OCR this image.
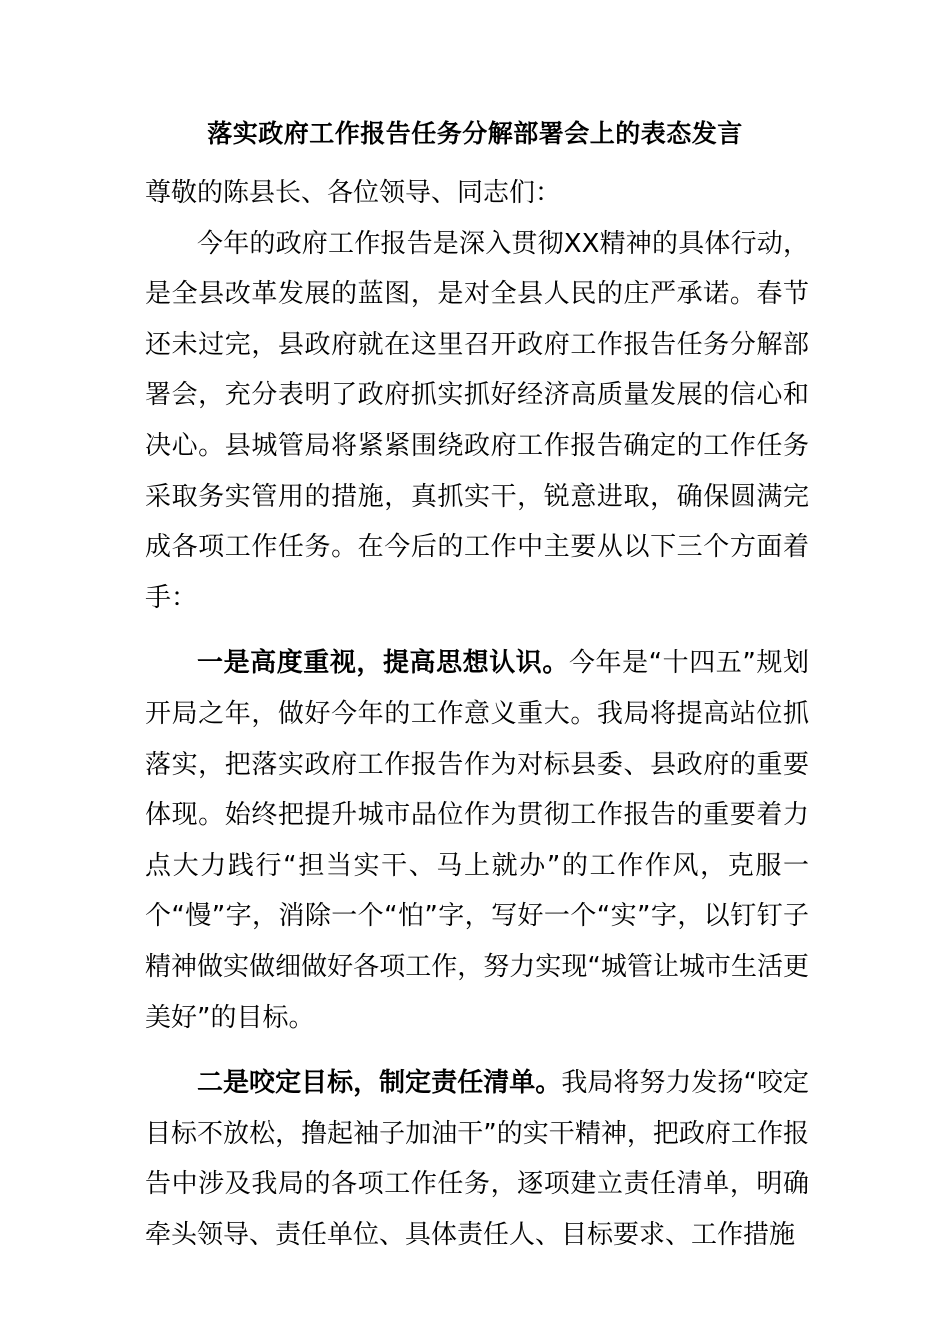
落实政府工作报告任务分解部署会上的表态发言

尊敬的陈县长、各位领导、同志们：

今年的政府工作报告是深入贯彻XX精神的具体行动，是全县改革发展的蓝图，是对全县人民的庄严承诺。春节还未过完，县政府就在这里召开政府工作报告任务分解部署会，充分表明了政府抓实抓好经济高质量发展的信心和决心。县城管局将紧紧围绕政府工作报告确定的工作任务采取务实管用的措施，真抓实干，锐意进取，确保圆满完成各项工作任务。在今后的工作中主要从以下三个方面着手：

一是高度重视，提高思想认识。今年是“十四五”规划开局之年，做好今年的工作意义重大。我局将提高站位抓落实，把落实政府工作报告作为对标县委、县政府的重要体现。始终把提升城市品位作为贯彻工作报告的重要着力点大力践行“担当实干、马上就办”的工作作风，克服一个“慢”字，消除一个“怕”字，写好一个“实”字，以钉钉子精神做实做细做好各项工作，努力实现“城管让城市生活更美好”的目标。

二是咬定目标，制定责任清单。我局将努力发扬“咬定目标不放松，撸起袖子加油干”的实干精神，把政府工作报告中涉及我局的各项工作任务，逐项建立责任清单，明确牵头领导、责任单位、具体责任人、目标要求、工作措施
